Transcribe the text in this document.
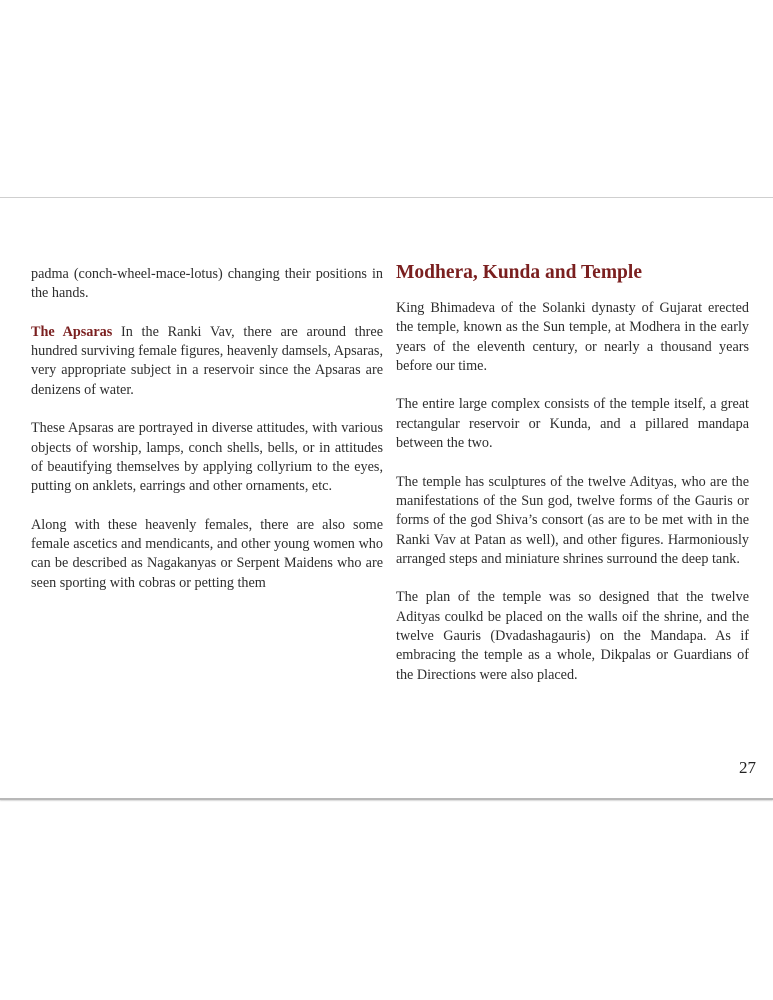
padma (conch-wheel-mace-lotus) changing their positions in the hands.

The Apsaras In the Ranki Vav, there are around three hundred surviving female figures, heavenly damsels, Apsaras, very appropriate subject in a reservoir since the Apsaras are denizens of water.

These Apsaras are portrayed in diverse attitudes, with various objects of worship, lamps, conch shells, bells, or in attitudes of beautifying themselves by applying collyrium to the eyes, putting on anklets, earrings and other ornaments, etc.

Along with these heavenly females, there are also some female ascetics and mendicants, and other young women who can be described as Nagakanyas or Serpent Maidens who are seen sporting with cobras or petting them

Modhera, Kunda and Temple

King Bhimadeva of the Solanki dynasty of Gujarat erected the temple, known as the Sun temple, at Modhera in the early years of the eleventh century, or nearly a thousand years before our time.

The entire large complex consists of the temple itself, a great rectangular reservoir or Kunda, and a pillared mandapa between the two.

The temple has sculptures of the twelve Adityas, who are the manifestations of the Sun god, twelve forms of the Gauris or forms of the god Shiva’s consort (as are to be met with in the Ranki Vav at Patan as well), and other figures. Harmoniously arranged steps and miniature shrines surround the deep tank.

The plan of the temple was so designed that the twelve Adityas coulkd be placed on the walls oif the shrine, and the twelve Gauris (Dvadashagauris) on the Mandapa. As if embracing the temple as a whole, Dikpalas or Guardians of the Directions were also placed.

27
